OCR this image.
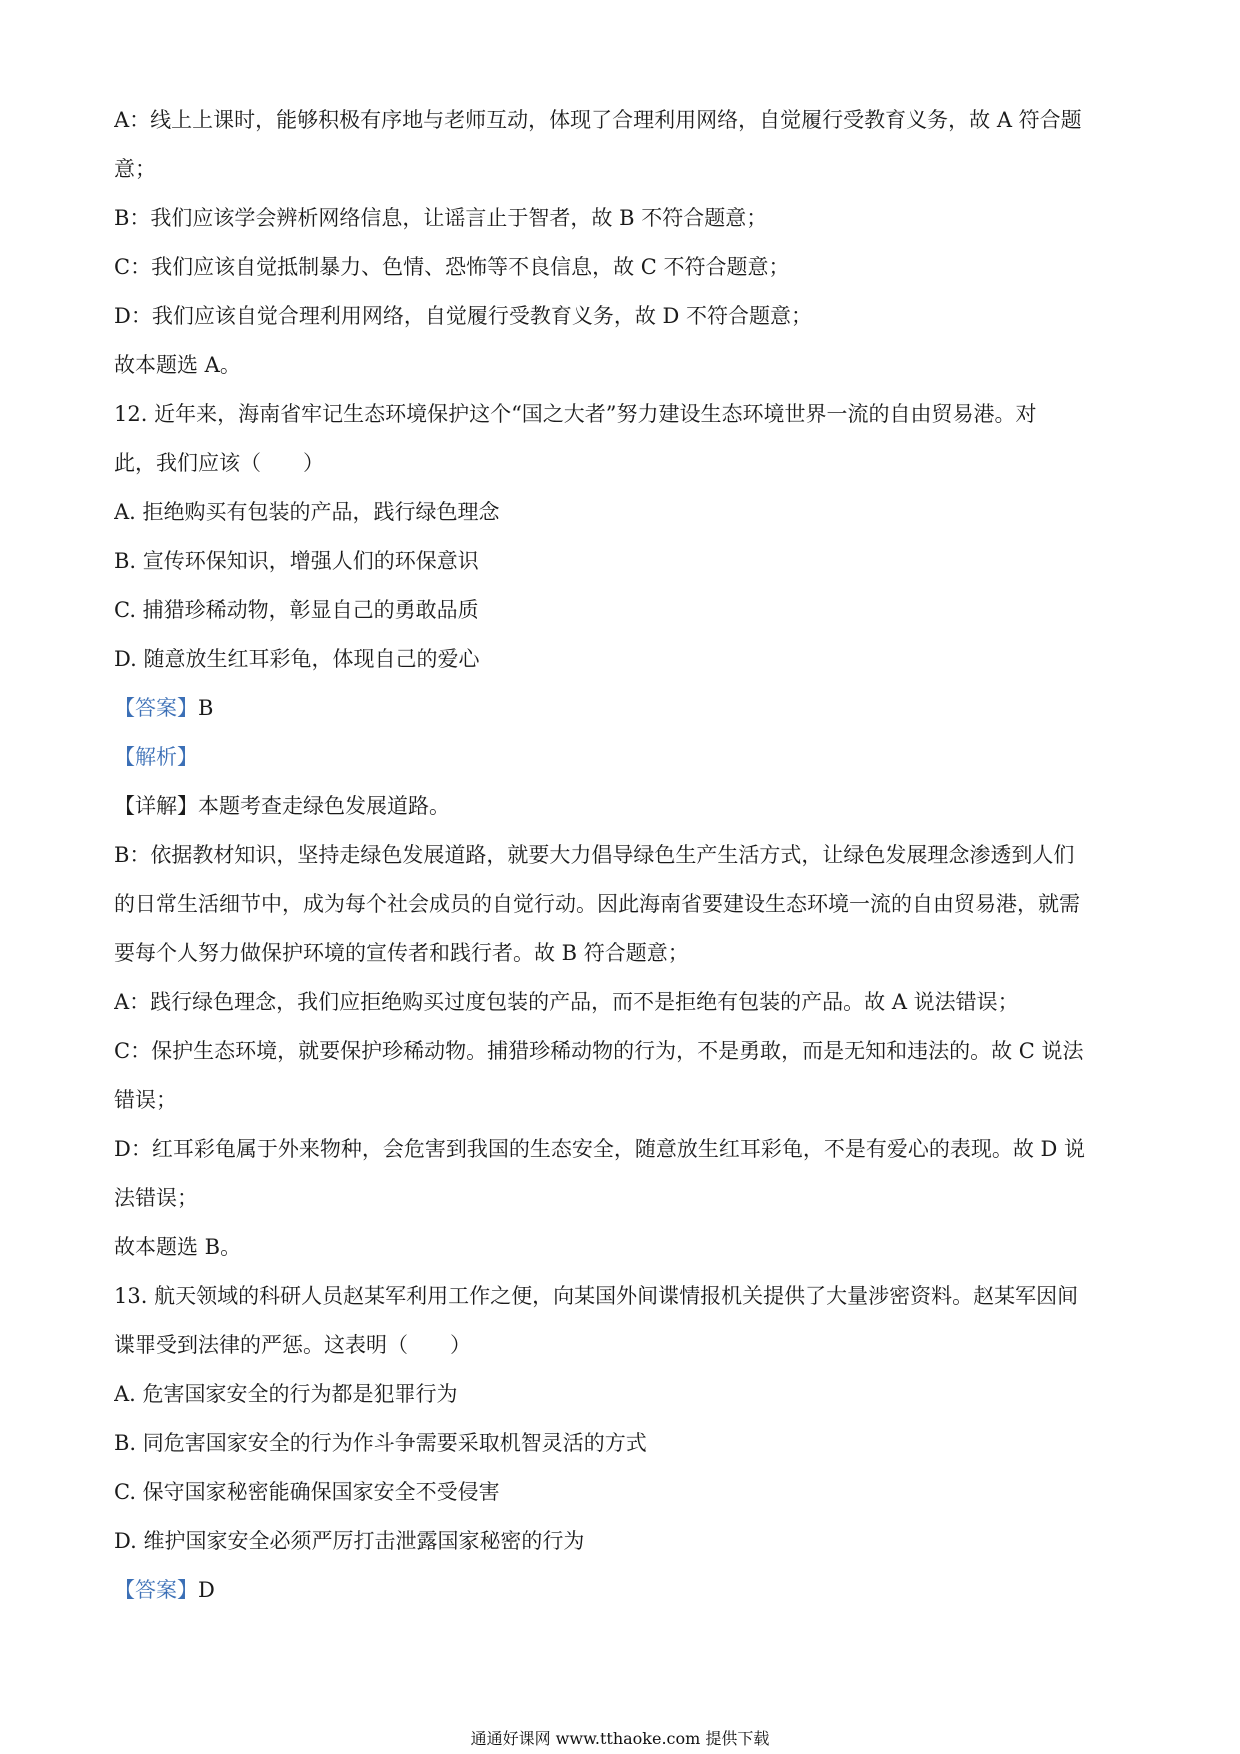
A：线上上课时，能够积极有序地与老师互动，体现了合理利用网络，自觉履行受教育义务，故 A 符合题
意；
B：我们应该学会辨析网络信息，让谣言止于智者，故 B 不符合题意；
C：我们应该自觉抵制暴力、色情、恐怖等不良信息，故 C 不符合题意；
D：我们应该自觉合理利用网络，自觉履行受教育义务，故 D 不符合题意；
故本题选 A。
12. 近年来，海南省牢记生态环境保护这个“国之大者”努力建设生态环境世界一流的自由贸易港。对
此，我们应该（　　）
A. 拒绝购买有包装的产品，践行绿色理念
B. 宣传环保知识，增强人们的环保意识
C. 捕猎珍稀动物，彰显自己的勇敢品质
D. 随意放生红耳彩龟，体现自己的爱心
【答案】B
【解析】
【详解】本题考查走绿色发展道路。
B：依据教材知识，坚持走绿色发展道路，就要大力倡导绿色生产生活方式，让绿色发展理念渗透到人们
的日常生活细节中，成为每个社会成员的自觉行动。因此海南省要建设生态环境一流的自由贸易港，就需
要每个人努力做保护环境的宣传者和践行者。故 B 符合题意；
A：践行绿色理念，我们应拒绝购买过度包装的产品，而不是拒绝有包装的产品。故 A 说法错误；
C：保护生态环境，就要保护珍稀动物。捕猎珍稀动物的行为，不是勇敢，而是无知和违法的。故 C 说法
错误；
D：红耳彩龟属于外来物种，会危害到我国的生态安全，随意放生红耳彩龟，不是有爱心的表现。故 D 说
法错误；
故本题选 B。
13. 航天领域的科研人员赵某军利用工作之便，向某国外间谍情报机关提供了大量涉密资料。赵某军因间
谍罪受到法律的严惩。这表明（　　）
A. 危害国家安全的行为都是犯罪行为
B. 同危害国家安全的行为作斗争需要采取机智灵活的方式
C. 保守国家秘密能确保国家安全不受侵害
D. 维护国家安全必须严厉打击泄露国家秘密的行为
【答案】D
通通好课网 www.tthaoke.com 提供下载
